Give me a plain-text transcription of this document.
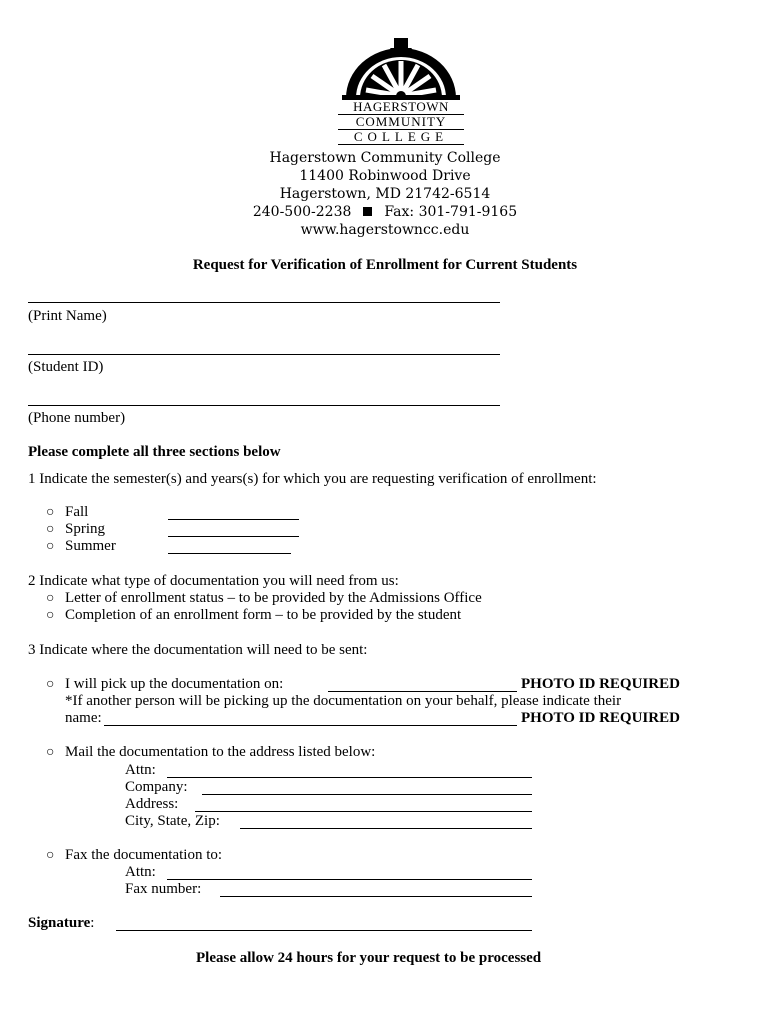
HAGERSTOWN
COMMUNITY
COLLEGE
Hagerstown Community College
11400 Robinwood Drive
Hagerstown, MD 21742-6514
240-500-2238 Fax: 301-791-9165
www.hagerstowncc.edu
Request for Verification of Enrollment for Current Students
(Print Name)
(Student ID)
(Phone number)
Please complete all three sections below
1 Indicate the semester(s) and years(s) for which you are requesting verification of enrollment:
○ Fall
○ Spring
○ Summer
2 Indicate what type of documentation you will need from us:
○ Letter of enrollment status – to be provided by the Admissions Office
○ Completion of an enrollment form – to be provided by the student
3 Indicate where the documentation will need to be sent:
○ I will pick up the documentation on:	PHOTO ID REQUIRED
*If another person will be picking up the documentation on your behalf, please indicate their
name:	PHOTO ID REQUIRED
○ Mail the documentation to the address listed below:
Attn:
Company:
Address:
City, State, Zip:
○ Fax the documentation to:
Attn:
Fax number:
Signature:
Please allow 24 hours for your request to be processed
